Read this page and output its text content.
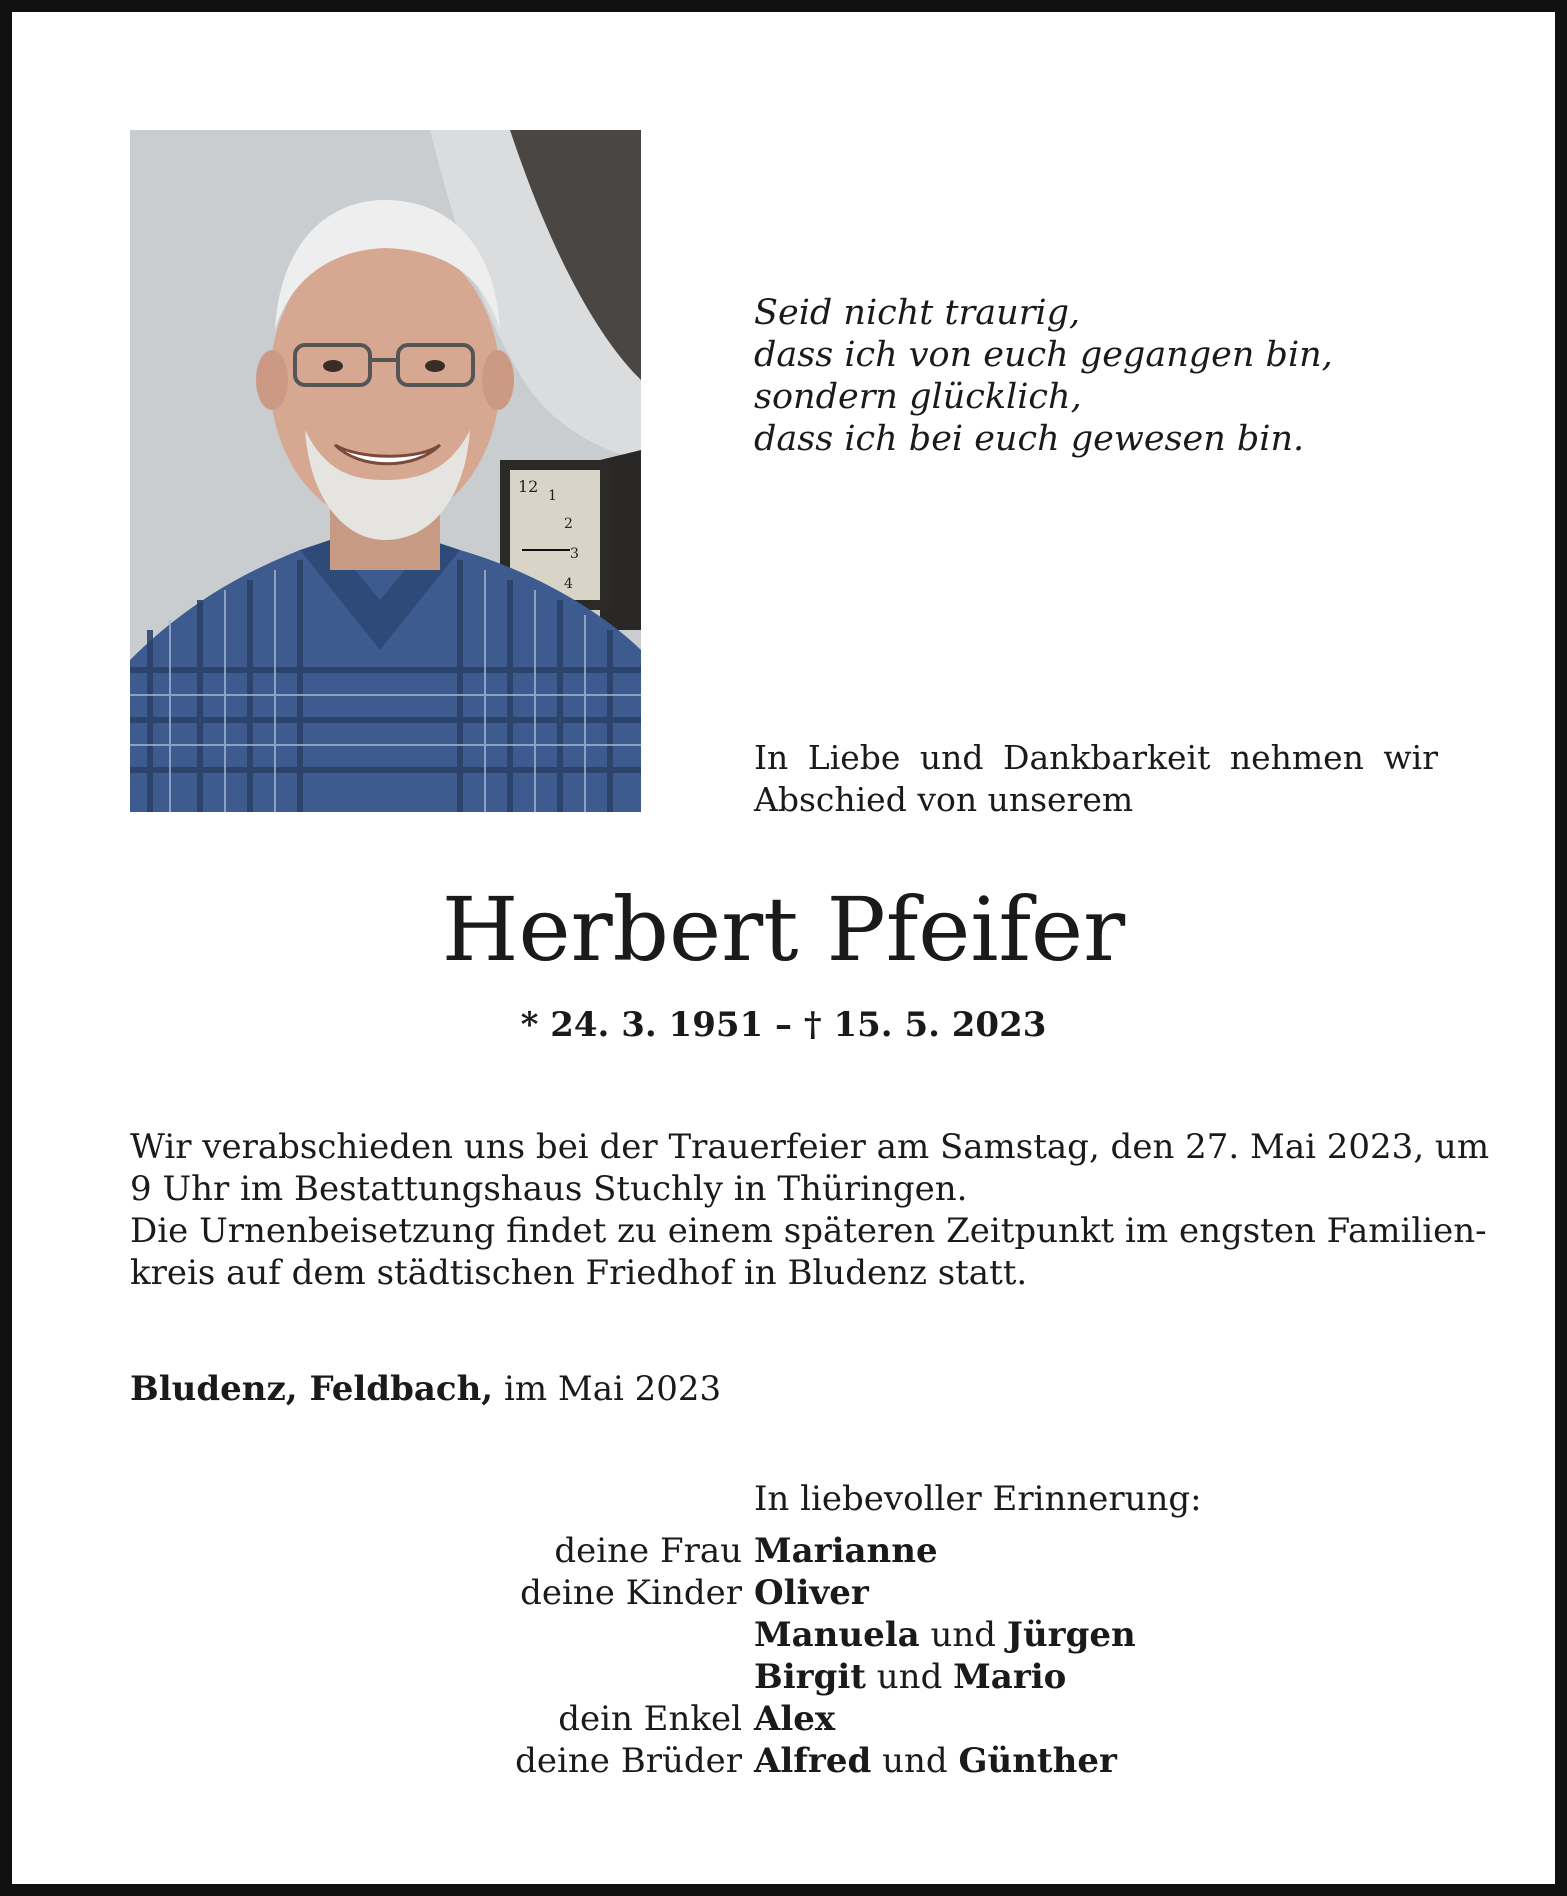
12 1
2
3
4
Seid nicht traurig,
dass ich von euch gegangen bin,
sondern glücklich,
dass ich bei euch gewesen bin.
In Liebe und Dankbarkeit nehmen wir
Abschied von unserem
Herbert Pfeifer
* 24. 3. 1951 – † 15. 5. 2023
Wir verabschieden uns bei der Trauerfeier am Samstag, den 27. Mai 2023, um
9 Uhr im Bestattungshaus Stuchly in Thüringen.
Die Urnenbeisetzung findet zu einem späteren Zeitpunkt im engsten Familien-
kreis auf dem städtischen Friedhof in Bludenz statt.
Bludenz, Feldbach, im Mai 2023
In liebevoller Erinnerung:
deine Frau Marianne
deine Kinder Oliver
Manuela und Jürgen
Birgit und Mario
dein Enkel Alex
deine Brüder Alfred und Günther
